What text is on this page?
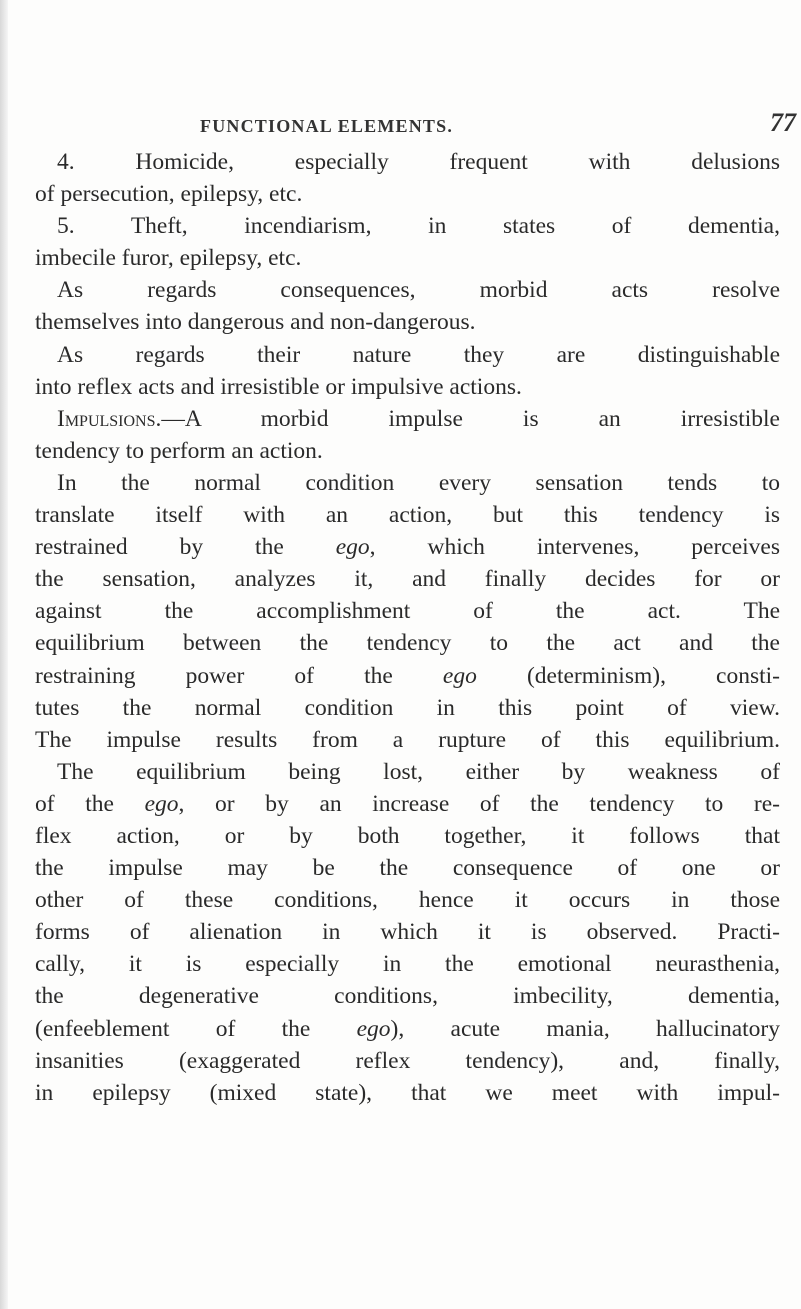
FUNCTIONAL ELEMENTS.	77
4. Homicide, especially frequent with delusions
of persecution, epilepsy, etc.
5. Theft, incendiarism, in states of dementia,
imbecile furor, epilepsy, etc.
As regards consequences, morbid acts resolve
themselves into dangerous and non-dangerous.
As regards their nature they are distinguishable
into reflex acts and irresistible or impulsive actions.
Impulsions.—A morbid impulse is an irresistible
tendency to perform an action.
In the normal condition every sensation tends to
translate itself with an action, but this tendency is
restrained by the ego, which intervenes, perceives
the sensation, analyzes it, and finally decides for or
against the accomplishment of the act. The
equilibrium between the tendency to the act and the
restraining power of the ego (determinism), consti-
tutes the normal condition in this point of view.
The impulse results from a rupture of this equilibrium.
The equilibrium being lost, either by weakness of
of the ego, or by an increase of the tendency to re-
flex action, or by both together, it follows that
the impulse may be the consequence of one or
other of these conditions, hence it occurs in those
forms of alienation in which it is observed. Practi-
cally, it is especially in the emotional neurasthenia,
the degenerative conditions, imbecility, dementia,
(enfeeblement of the ego), acute mania, hallucinatory
insanities (exaggerated reflex tendency), and, finally,
in epilepsy (mixed state), that we meet with impul-
